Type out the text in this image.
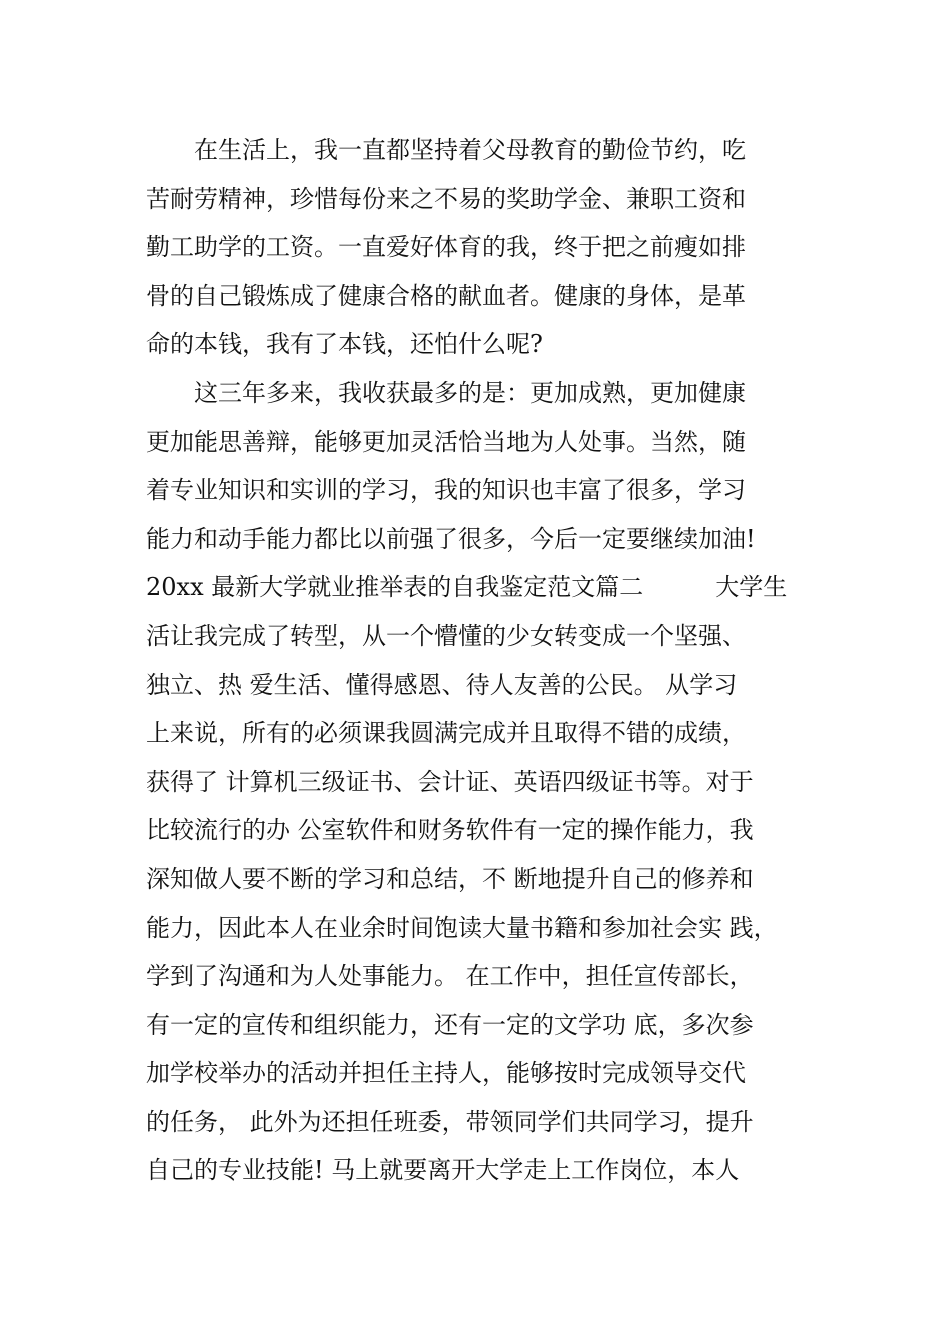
　　在生活上，我一直都坚持着父母教育的勤俭节约，吃
苦耐劳精神，珍惜每份来之不易的奖助学金、兼职工资和
勤工助学的工资。一直爱好体育的我，终于把之前瘦如排
骨的自己锻炼成了健康合格的献血者。健康的身体，是革
命的本钱，我有了本钱，还怕什么呢?
　　这三年多来，我收获最多的是：更加成熟，更加健康
更加能思善辩，能够更加灵活恰当地为人处事。当然，随
着专业知识和实训的学习，我的知识也丰富了很多，学习
能力和动手能力都比以前强了很多，今后一定要继续加油!
20xx 最新大学就业推举表的自我鉴定范文篇二　　　大学生
活让我完成了转型，从一个懵懂的少女转变成一个坚强、
独立、热 爱生活、懂得感恩、待人友善的公民。 从学习
上来说，所有的必须课我圆满完成并且取得不错的成绩，
获得了 计算机三级证书、会计证、英语四级证书等。对于
比较流行的办 公室软件和财务软件有一定的操作能力，我
深知做人要不断的学习和总结，不 断地提升自己的修养和
能力，因此本人在业余时间饱读大量书籍和参加社会实 践，
学到了沟通和为人处事能力。 在工作中，担任宣传部长，
有一定的宣传和组织能力，还有一定的文学功 底，多次参
加学校举办的活动并担任主持人，能够按时完成领导交代
的任务， 此外为还担任班委，带领同学们共同学习，提升
自己的专业技能! 马上就要离开大学走上工作岗位，本人
